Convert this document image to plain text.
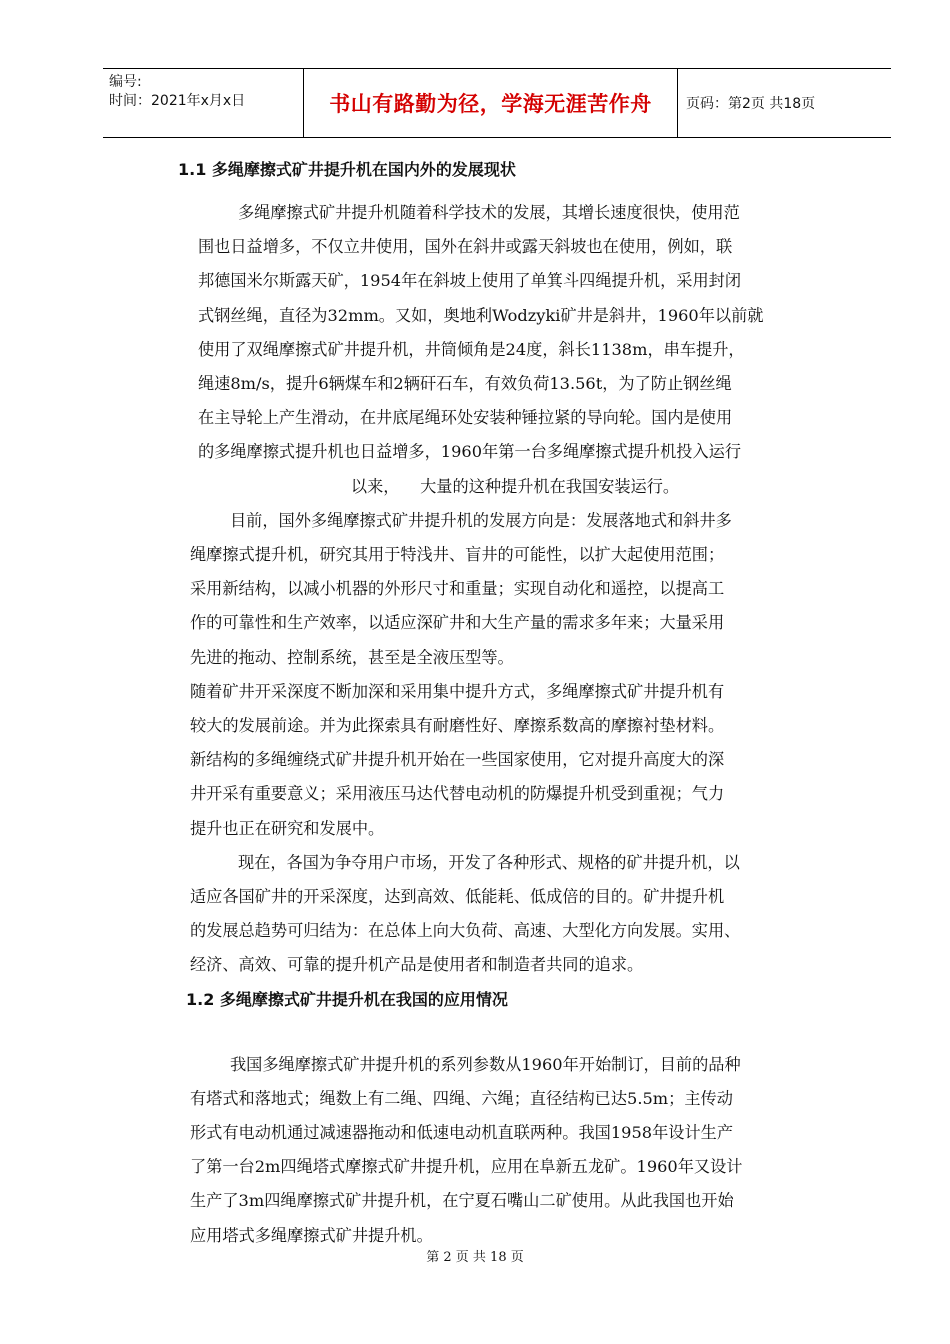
编号:
时间：2021年x月x日	书山有路勤为径，学海无涯苦作舟	页码：第2页 共18页
1.1 多绳摩擦式矿井提升机在国内外的发展现状

多绳摩擦式矿井提升机随着科学技术的发展，其增长速度很快，使用范

围也日益增多，不仅立井使用，国外在斜井或露天斜坡也在使用，例如，联

邦德国米尔斯露天矿，1954年在斜坡上使用了单箕斗四绳提升机，采用封闭

式钢丝绳，直径为32mm。又如，奥地利Wodzyki矿井是斜井，1960年以前就

使用了双绳摩擦式矿井提升机，井筒倾角是24度，斜长1138m，串车提升，

绳速8m/s，提升6辆煤车和2辆矸石车，有效负荷13.56t，为了防止钢丝绳

在主导轮上产生滑动，在井底尾绳环处安装种锤拉紧的导向轮。国内是使用

的多绳摩擦式提升机也日益增多，1960年第一台多绳摩擦式提升机投入运行

以来，    大量的这种提升机在我国安装运行。

目前，国外多绳摩擦式矿井提升机的发展方向是：发展落地式和斜井多

绳摩擦式提升机，研究其用于特浅井、盲井的可能性，以扩大起使用范围；

采用新结构，以减小机器的外形尺寸和重量；实现自动化和遥控，以提高工

作的可靠性和生产效率，以适应深矿井和大生产量的需求多年来；大量采用

先进的拖动、控制系统，甚至是全液压型等。

随着矿井开采深度不断加深和采用集中提升方式，多绳摩擦式矿井提升机有

较大的发展前途。并为此探索具有耐磨性好、摩擦系数高的摩擦衬垫材料。

新结构的多绳缠绕式矿井提升机开始在一些国家使用，它对提升高度大的深

井开采有重要意义；采用液压马达代替电动机的防爆提升机受到重视；气力

提升也正在研究和发展中。

现在，各国为争夺用户市场，开发了各种形式、规格的矿井提升机，以

适应各国矿井的开采深度，达到高效、低能耗、低成倍的目的。矿井提升机

的发展总趋势可归结为：在总体上向大负荷、高速、大型化方向发展。实用、

经济、高效、可靠的提升机产品是使用者和制造者共同的追求。

1.2 多绳摩擦式矿井提升机在我国的应用情况

我国多绳摩擦式矿井提升机的系列参数从1960年开始制订，目前的品种

有塔式和落地式；绳数上有二绳、四绳、六绳；直径结构已达5.5m；主传动

形式有电动机通过减速器拖动和低速电动机直联两种。我国1958年设计生产

了第一台2m四绳塔式摩擦式矿井提升机，应用在阜新五龙矿。1960年又设计

生产了3m四绳摩擦式矿井提升机，在宁夏石嘴山二矿使用。从此我国也开始

应用塔式多绳摩擦式矿井提升机。

第 2 页 共 18 页
